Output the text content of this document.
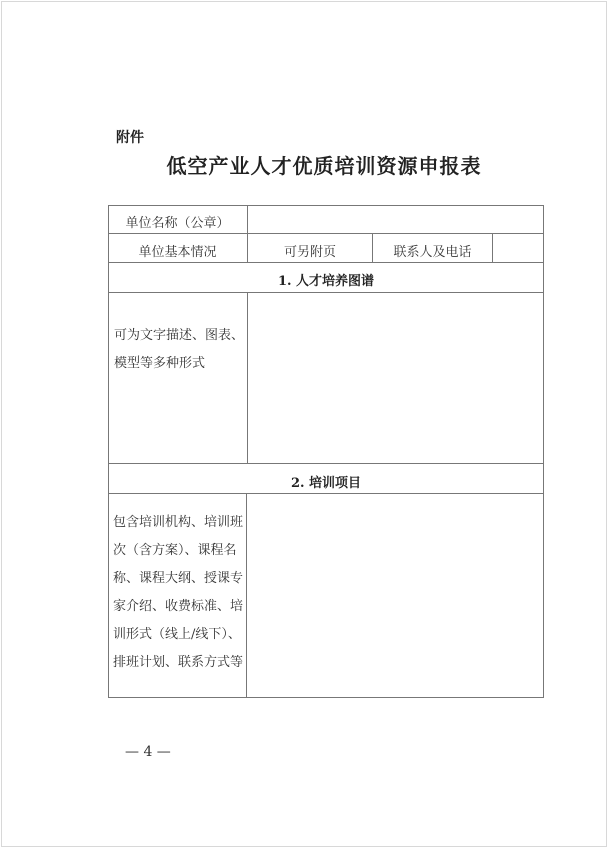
附件
低空产业人才优质培训资源申报表
单位名称（公章）
单位基本情况	可另附页	联系人及电话
1. 人才培养图谱
可为文字描述、图表、
模型等多种形式
2. 培训项目
包含培训机构、培训班
次（含方案）、课程名
称、课程大纲、授课专
家介绍、收费标准、培
训形式（线上/线下）、
排班计划、联系方式等
— 4 —
